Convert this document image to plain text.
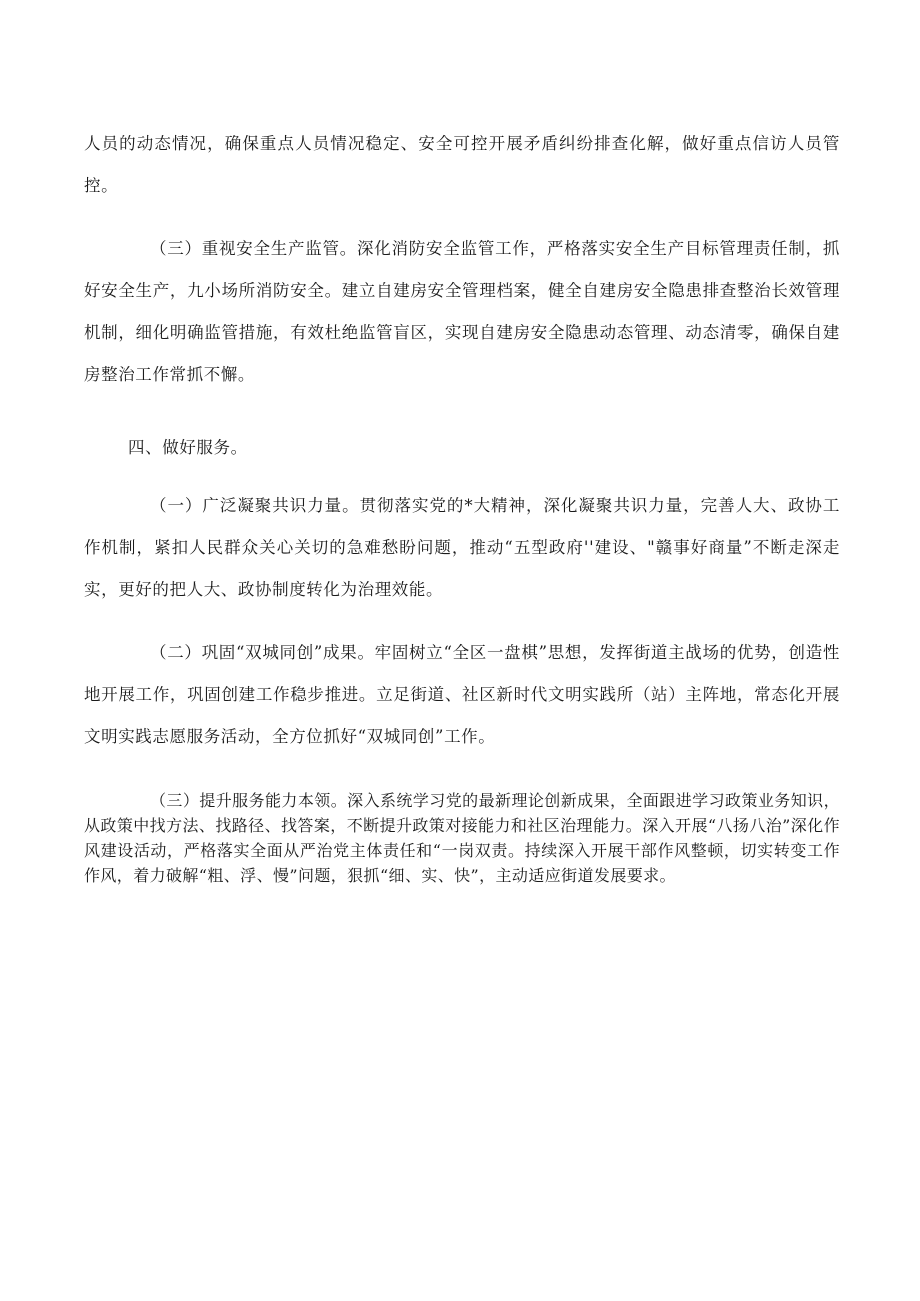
人员的动态情况，确保重点人员情况稳定、安全可控开展矛盾纠纷排查化解，做好重点信访人员管控。

（三）重视安全生产监管。深化消防安全监管工作，严格落实安全生产目标管理责任制，抓好安全生产，九小场所消防安全。建立自建房安全管理档案，健全自建房安全隐患排查整治长效管理机制，细化明确监管措施，有效杜绝监管盲区，实现自建房安全隐患动态管理、动态清零，确保自建房整治工作常抓不懈。

四、做好服务。

（一）广泛凝聚共识力量。贯彻落实党的*大精神，深化凝聚共识力量，完善人大、政协工作机制，紧扣人民群众关心关切的急难愁盼问题，推动“五型政府''建设、"赣事好商量”不断走深走实，更好的把人大、政协制度转化为治理效能。

（二）巩固“双城同创”成果。牢固树立“全区一盘棋”思想，发挥街道主战场的优势，创造性地开展工作，巩固创建工作稳步推进。立足街道、社区新时代文明实践所（站）主阵地，常态化开展文明实践志愿服务活动，全方位抓好“双城同创”工作。

（三）提升服务能力本领。深入系统学习党的最新理论创新成果，全面跟进学习政策业务知识，从政策中找方法、找路径、找答案，不断提升政策对接能力和社区治理能力。深入开展“八扬八治”深化作风建设活动，严格落实全面从严治党主体责任和“一岗双责。持续深入开展干部作风整顿，切实转变工作作风，着力破解“粗、浮、慢”问题，狠抓“细、实、快”，主动适应街道发展要求。
